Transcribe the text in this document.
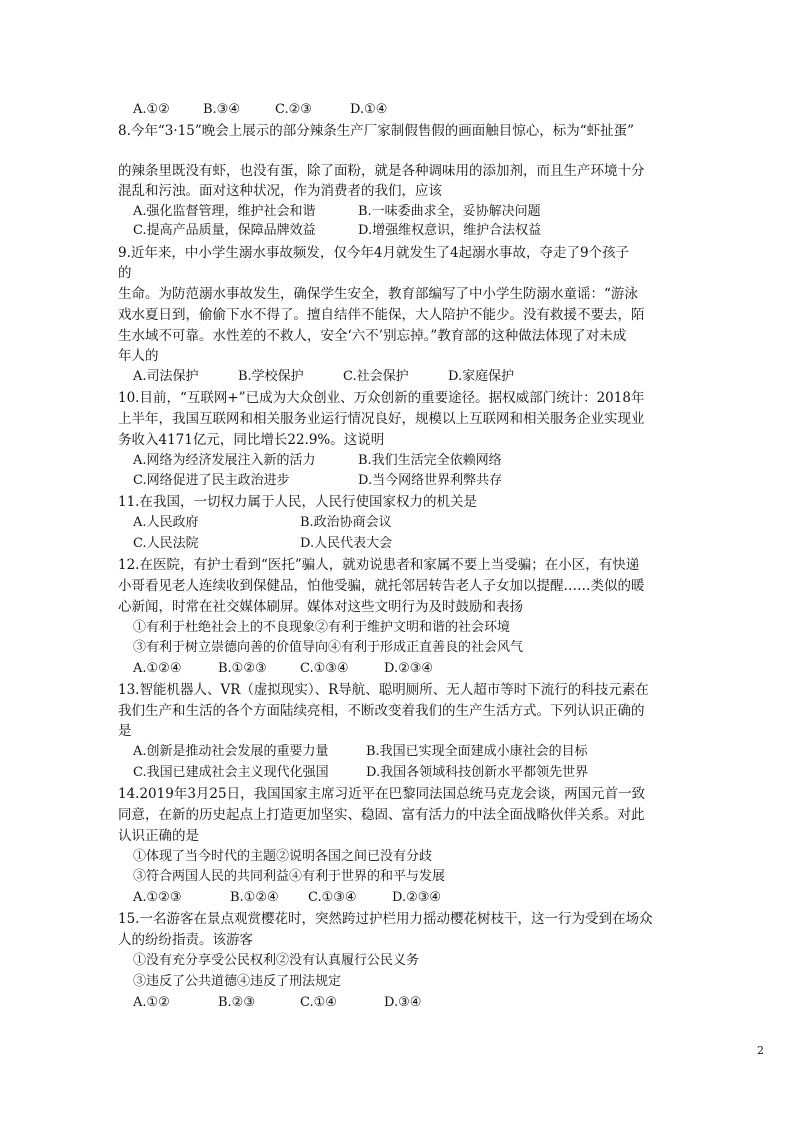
A.①②	B.③④	C.②③	D.①④
8.今年“3·15”晚会上展示的部分辣条生产厂家制假售假的画面触目惊心，标为“虾扯蛋”
的辣条里既没有虾，也没有蛋，除了面粉，就是各种调味用的添加剂，而且生产环境十分
混乱和污浊。面对这种状况，作为消费者的我们，应该
A.强化监督管理，维护社会和谐	B.一味委曲求全，妥协解决问题
C.提高产品质量，保障品牌效益	D.增强维权意识，维护合法权益
9.近年来，中小学生溺水事故频发，仅今年4月就发生了4起溺水事故，夺走了9个孩子
的
生命。为防范溺水事故发生，确保学生安全，教育部编写了中小学生防溺水童谣：“游泳
戏水夏日到，偷偷下水不得了。擅自结伴不能保，大人陪护不能少。没有救援不要去，陌
生水域不可靠。水性差的不救人，安全‘六不’别忘掉。”教育部的这种做法体现了对未成
年人的
A.司法保护	B.学校保护	C.社会保护	D.家庭保护
10.目前，“互联网+”已成为大众创业、万众创新的重要途径。据权威部门统计：2018年
上半年，我国互联网和相关服务业运行情况良好，规模以上互联网和相关服务企业实现业
务收入4171亿元，同比增长22.9%。这说明
A.网络为经济发展注入新的活力	B.我们生活完全依赖网络
C.网络促进了民主政治进步	D.当今网络世界利弊共存
11.在我国，一切权力属于人民，人民行使国家权力的机关是
A.人民政府	B.政治协商会议
C.人民法院	D.人民代表大会
12.在医院，有护士看到“医托”骗人，就劝说患者和家属不要上当受骗；在小区，有快递
小哥看见老人连续收到保健品，怕他受骗，就托邻居转告老人子女加以提醒……类似的暖
心新闻，时常在社交媒体刷屏。媒体对这些文明行为及时鼓励和表扬
①有利于杜绝社会上的不良现象②有利于维护文明和谐的社会环境
③有利于树立崇德向善的价值导向④有利于形成正直善良的社会风气
A.①②④	B.①②③	C.①③④	D.②③④
13.智能机器人、VR（虚拟现实）、R导航、聪明厕所、无人超市等时下流行的科技元素在
我们生产和生活的各个方面陆续亮相，不断改变着我们的生产生活方式。下列认识正确的
是
A.创新是推动社会发展的重要力量	B.我国已实现全面建成小康社会的目标
C.我国已建成社会主义现代化强国	D.我国各领域科技创新水平都领先世界
14.2019年3月25日，我国国家主席习近平在巴黎同法国总统马克龙会谈，两国元首一致
同意，在新的历史起点上打造更加坚实、稳固、富有活力的中法全面战略伙伴关系。对此
认识正确的是
①体现了当今时代的主题②说明各国之间已没有分歧
③符合两国人民的共同利益④有利于世界的和平与发展
A.①②③	B.①②④ C.①③④	D.②③④
15.一名游客在景点观赏樱花时，突然跨过护栏用力摇动樱花树枝干，这一行为受到在场众
人的纷纷指责。该游客
①没有充分享受公民权利②没有认真履行公民义务
③违反了公共道德④违反了刑法规定
A.①②	B.②③	C.①④	D.③④
2
